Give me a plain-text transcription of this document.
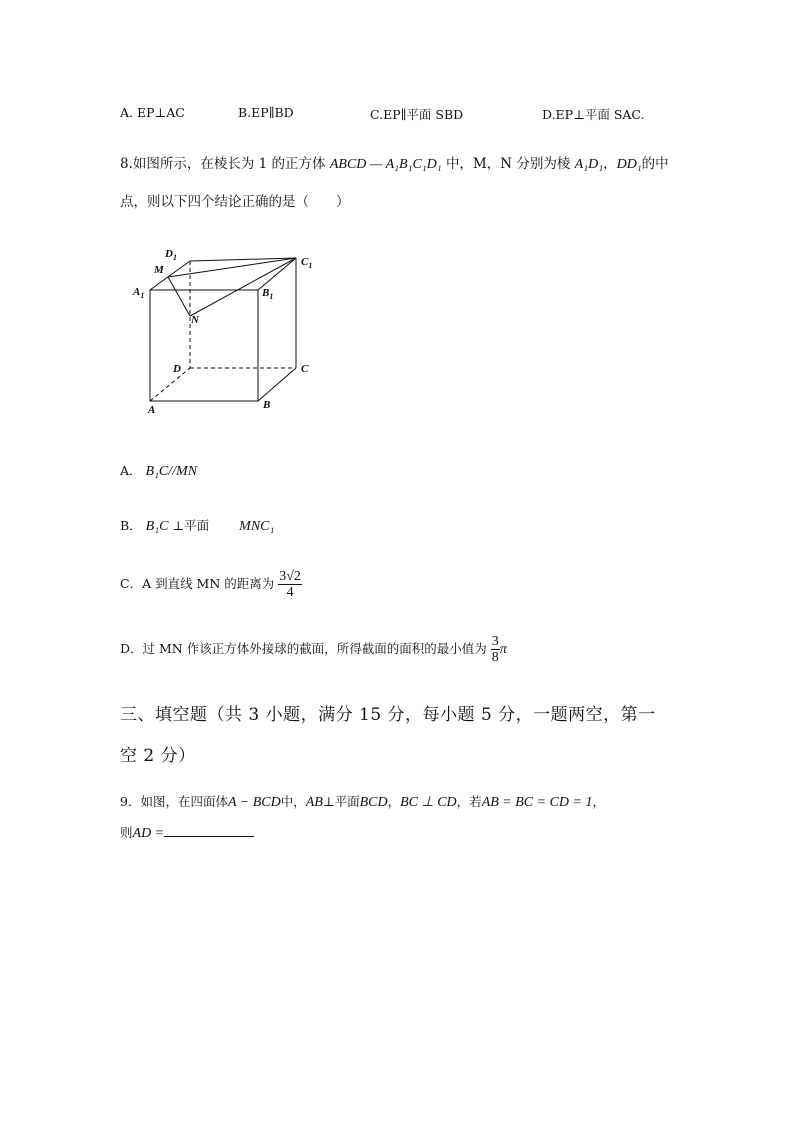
A. EP⊥AC	B.EP∥BD	C.EP∥平面 SBD	D.EP⊥平面 SAC.
8.如图所示，在棱长为 1 的正方体 ABCD — A₁B₁C₁D₁ 中，M，N 分别为棱 A₁D₁，DD₁的中
点，则以下四个结论正确的是（　　）
$D_1$	$C_1$
M
$A_1$	$B_1$
N
D	C
A	B
A． B₁C//MN
B． B₁C ⊥平面 MNC₁
C．A 到直线 MN 的距离为 $\frac{3√2}{4}$
D．过 MN 作该正方体外接球的截面，所得截面的面积的最小值为 $\frac{3}{8}$ π
三、填空题（共 3 小题，满分 15 分，每小题 5 分，一题两空，第一
空 2 分）
9．如图，在四面体A − BCD中，AB⊥平面BCD，BC ⊥ CD，若AB = BC = CD = 1，
则AD =
